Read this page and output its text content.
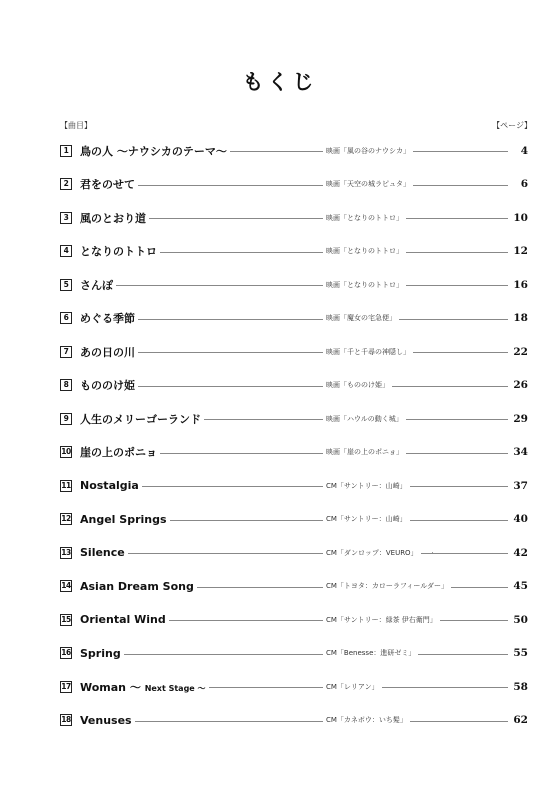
もくじ
【曲目】	【ページ】
1	鳥の人 〜ナウシカのテーマ〜	映画「風の谷のナウシカ」	4
2	君をのせて	映画「天空の城ラピュタ」	6
3	風のとおり道	映画「となりのトトロ」	10
4	となりのトトロ	映画「となりのトトロ」	12
5	さんぽ	映画「となりのトトロ」	16
6	めぐる季節	映画「魔女の宅急便」	18
7	あの日の川	映画「千と千尋の神隠し」	22
8	もののけ姫	映画「もののけ姫」	26
9	人生のメリーゴーランド	映画「ハウルの動く城」	29
10 崖の上のポニョ	映画「崖の上のポニョ」	34
11 Nostalgia	CM「サントリー：山崎」	37
12 Angel Springs	CM「サントリー：山崎」	40
13 Silence	CM「ダンロップ：VEURO」	42
14 Asian Dream Song	CM「トヨタ：カローラフィールダー」	45
15 Oriental Wind	CM「サントリー：緑茶 伊右衛門」	50
16 Spring	CM「Benesse：進研ゼミ」	55
17 Woman 〜 Next Stage 〜	CM「レリアン」	58
18 Venuses	CM「カネボウ：いち髪」	62
